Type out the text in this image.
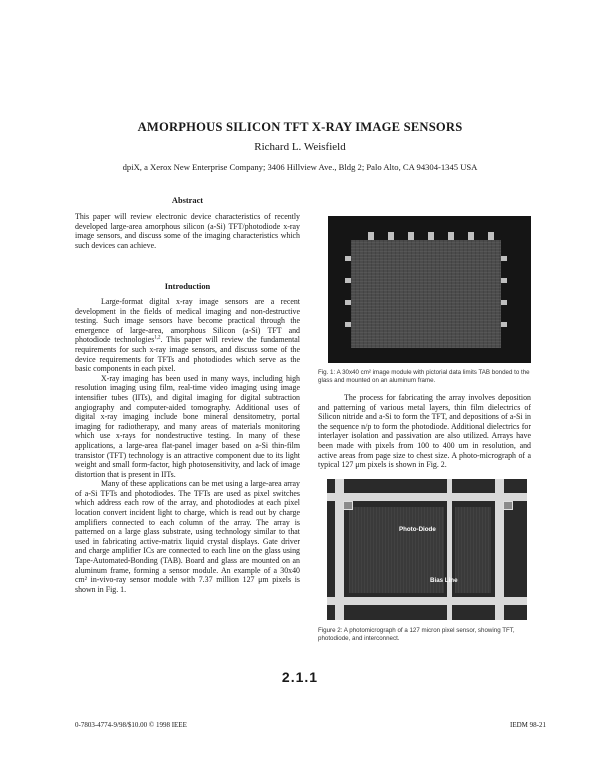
AMORPHOUS SILICON TFT X-RAY IMAGE SENSORS
Richard L. Weisfield
dpiX, a Xerox New Enterprise Company; 3406 Hillview Ave., Bldg 2; Palo Alto, CA 94304-1345 USA
Abstract

This paper will review electronic device characteristics of recently developed large-area amorphous silicon (a-Si) TFT/photodiode x-ray image sensors, and discuss some of the imaging characteristics which such devices can achieve.

Introduction

Large-format digital x-ray image sensors are a recent development in the fields of medical imaging and non-destructive testing. Such image sensors have become practical through the emergence of large-area, amorphous Silicon (a-Si) TFT and photodiode technologies$^{1,2}$. This paper will review the fundamental requirements for such x-ray image sensors, and discuss some of the device requirements for TFTs and photodiodes which serve as the basic components in each pixel.

X-ray imaging has been used in many ways, including high resolution imaging using film, real-time video imaging using image intensifier tubes (IITs), and digital imaging for digital subtraction angiography and computer-aided tomography. Additional uses of digital x-ray imaging include bone mineral densitometry, portal imaging for radiotherapy, and many areas of materials monitoring which use x-rays for nondestructive testing. In many of these applications, a large-area flat-panel imager based on a-Si thin-film transistor (TFT) technology is an attractive component due to its light weight and small form-factor, high photosensitivity, and lack of image distortion that is present in IITs.

Many of these applications can be met using a large-area array of a-Si TFTs and photodiodes. The TFTs are used as pixel switches which address each row of the array, and photodiodes at each pixel location convert incident light to charge, which is read out by charge amplifiers connected to each column of the array. The array is patterned on a large glass substrate, using technology similar to that used in fabricating active-matrix liquid crystal displays. Gate driver and charge amplifier ICs are connected to each line on the glass using Tape-Automated-Bonding (TAB). Board and glass are mounted on an aluminum frame, forming a sensor module. An example of a 30x40 cm² in-vivo-ray sensor module with 7.37 million 127 μm pixels is shown in Fig. 1.

Fig. 1: A 30x40 cm² image module with pictorial data limits TAB bonded to the glass and mounted on an aluminum frame.

The process for fabricating the array involves deposition and patterning of various metal layers, thin film dielectrics of Silicon nitride and a-Si to form the TFT, and depositions of a-Si in the sequence n/p to form the photodiode. Additional dielectrics for interlayer isolation and passivation are also utilized. Arrays have been made with pixels from 100 to 400 um in resolution, and active areas from page size to chest size. A photo-micrograph of a typical 127 μm pixels is shown in Fig. 2.

Photo-Diode
Bias Line
Figure 2: A photomicrograph of a 127 micron pixel sensor, showing TFT, photodiode, and interconnect.
2.1.1
0-7803-4774-9/98/$10.00 © 1998 IEEE	IEDM 98-21
